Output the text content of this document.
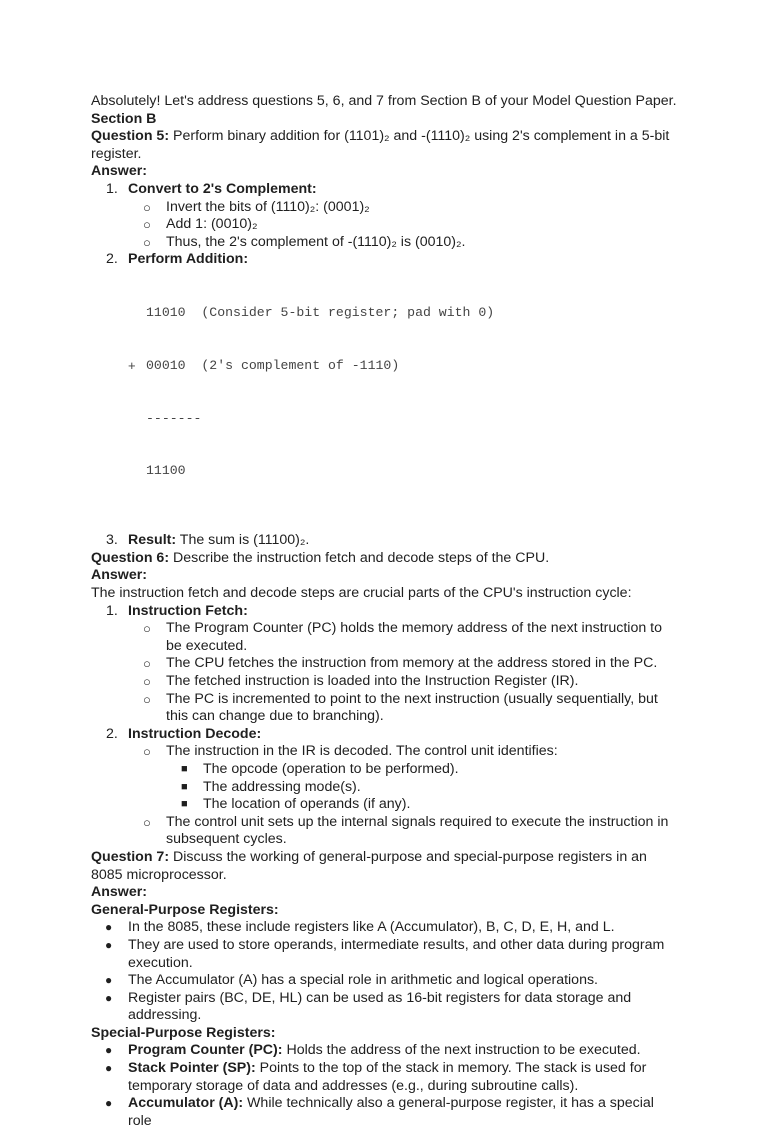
Absolutely! Let's address questions 5, 6, and 7 from Section B of your Model Question Paper.

Section B

Question 5: Perform binary addition for (1101)₂ and -(1110)₂ using 2's complement in a 5-bit register.

Answer:

1. Convert to 2's Complement:
○ Invert the bits of (1110)₂: (0001)₂
○ Add 1: (0010)₂
○ Thus, the 2's complement of -(1110)₂ is (0010)₂.
2. Perform Addition:

11010  (Consider 5-bit register; pad with 0)

+ 00010  (2's complement of -1110)

-------

11100

3. Result: The sum is (11100)₂.

Question 6: Describe the instruction fetch and decode steps of the CPU.

Answer:

The instruction fetch and decode steps are crucial parts of the CPU's instruction cycle:

1. Instruction Fetch:
○ The Program Counter (PC) holds the memory address of the next instruction to be executed.
○ The CPU fetches the instruction from memory at the address stored in the PC.
○ The fetched instruction is loaded into the Instruction Register (IR).
○ The PC is incremented to point to the next instruction (usually sequentially, but this can change due to branching).
2. Instruction Decode:
○ The instruction in the IR is decoded. The control unit identifies:
■ The opcode (operation to be performed).
■ The addressing mode(s).
■ The location of operands (if any).
○ The control unit sets up the internal signals required to execute the instruction in subsequent cycles.

Question 7: Discuss the working of general-purpose and special-purpose registers in an 8085 microprocessor.

Answer:

General-Purpose Registers:

● In the 8085, these include registers like A (Accumulator), B, C, D, E, H, and L.
● They are used to store operands, intermediate results, and other data during program execution.
● The Accumulator (A) has a special role in arithmetic and logical operations.
● Register pairs (BC, DE, HL) can be used as 16-bit registers for data storage and addressing.

Special-Purpose Registers:

● Program Counter (PC): Holds the address of the next instruction to be executed.
● Stack Pointer (SP): Points to the top of the stack in memory. The stack is used for temporary storage of data and addresses (e.g., during subroutine calls).
● Accumulator (A): While technically also a general-purpose register, it has a special role
